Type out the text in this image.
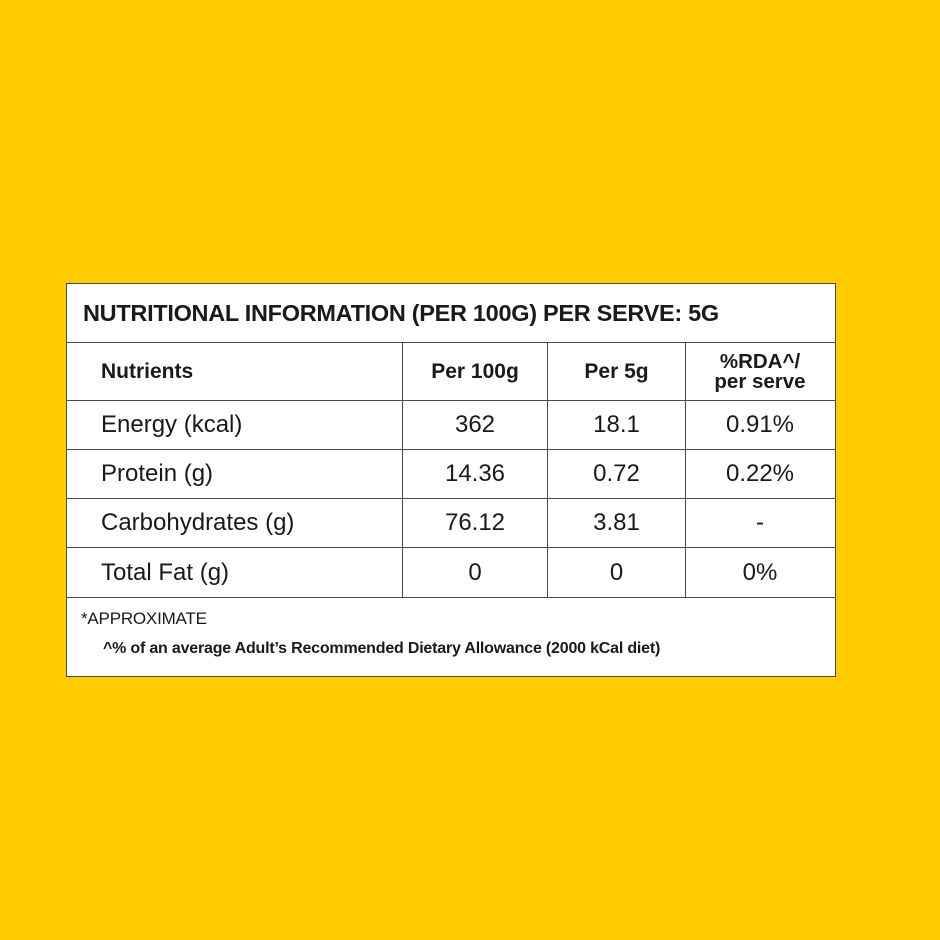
NUTRITIONAL INFORMATION (PER 100G) PER SERVE: 5G
Nutrients	Per 100g	Per 5g	%RDA^/
per serve
Energy (kcal)	362	18.1	0.91%
Protein (g)	14.36	0.72	0.22%
Carbohydrates (g)	76.12	3.81	-
Total Fat (g)	0	0	0%
*APPROXIMATE
^% of an average Adult’s Recommended Dietary Allowance (2000 kCal diet)
